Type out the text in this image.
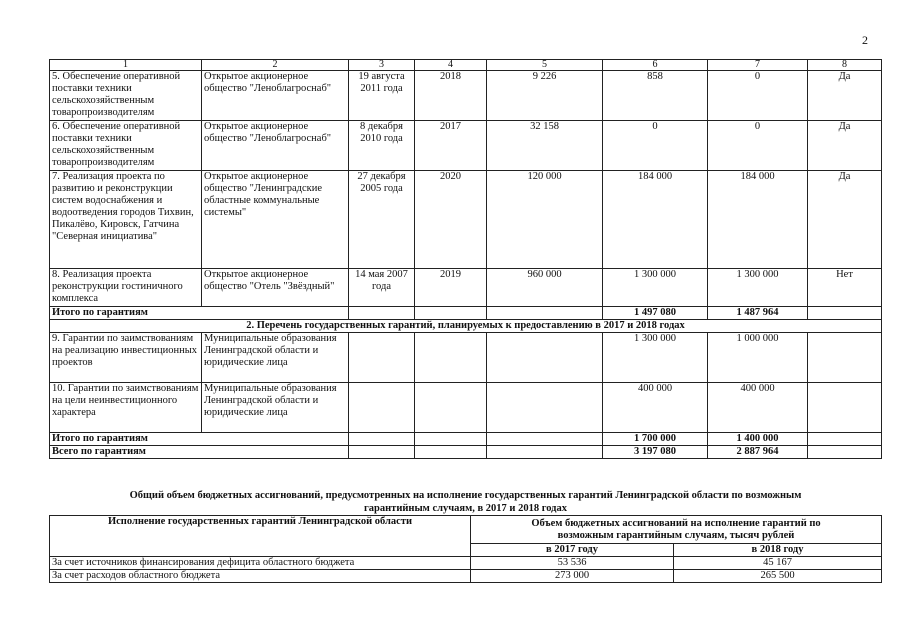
2
1	2	3	4	5	6	7	8
5. Обеспечение оперативной поставки техники сельскохозяйственным товаропроизводителям	Открытое акционерное общество "Леноблагроснаб"	19 августа 2011 года	2018	9 226	858	0	Да
6. Обеспечение оперативной поставки техники сельскохозяйственным товаропроизводителям	Открытое акционерное общество "Леноблагроснаб"	8 декабря 2010 года	2017	32 158	0	0	Да
7. Реализация проекта по развитию и реконструкции систем водоснабжения и водоотведения городов Тихвин, Пикалёво, Кировск, Гатчина "Северная инициатива"	Открытое акционерное общество "Ленинградские областные коммунальные системы"	27 декабря 2005 года	2020	120 000	184 000	184 000	Да
8. Реализация проекта реконструкции гостиничного комплекса	Открытое акционерное общество "Отель "Звёздный"	14 мая 2007 года	2019	960 000	1 300 000	1 300 000	Нет
Итого по гарантиям					1 497 080	1 487 964	
2. Перечень государственных гарантий, планируемых к предоставлению в 2017 и 2018 годах							
9. Гарантии по заимствованиям на реализацию инвестиционных проектов	Муниципальные образования Ленинградской области и юридические лица				1 300 000	1 000 000	
10. Гарантии по заимствованиям на цели неинвестиционного характера	Муниципальные образования Ленинградской области и юридические лица				400 000	400 000	
Итого по гарантиям					1 700 000	1 400 000	
Всего по гарантиям					3 197 080	2 887 964	
Общий объем бюджетных ассигнований, предусмотренных на исполнение государственных гарантий Ленинградской области по возможным гарантийным случаям, в 2017 и 2018 годах		
Исполнение государственных гарантий Ленинградской области	Объем бюджетных ассигнований на исполнение гарантий по возможным гарантийным случаям, тысяч рублей	
	в 2017 году	в 2018 году
За счет источников финансирования дефицита областного бюджета	53 536	45 167
За счет расходов областного бюджета	273 000	265 500
